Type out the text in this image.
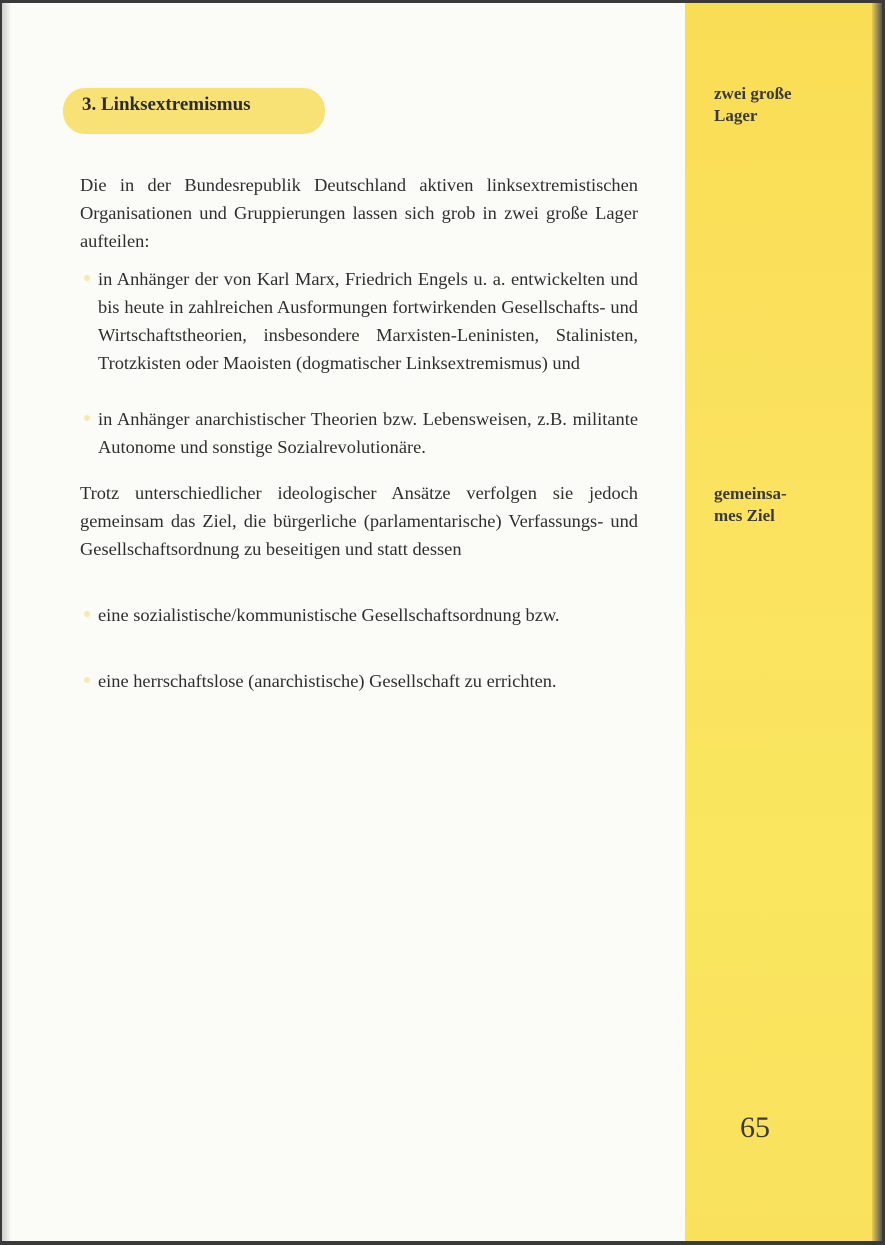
3. Linksextremismus

zwei große
Lager

gemeinsa-
mes Ziel

Die in der Bundesrepublik Deutschland aktiven linksextremistischen Organisationen und Gruppierungen lassen sich grob in zwei große Lager aufteilen:

in Anhänger der von Karl Marx, Friedrich Engels u. a. entwickelten und bis heute in zahlreichen Ausformungen fortwirkenden Gesellschafts- und Wirtschaftstheorien, insbesondere Marxisten-Leninisten, Stalinisten, Trotzkisten oder Maoisten (dogmatischer Linksextremismus) und
in Anhänger anarchistischer Theorien bzw. Lebensweisen, z.B. militante Autonome und sonstige Sozialrevolutionäre.

Trotz unterschiedlicher ideologischer Ansätze verfolgen sie jedoch gemeinsam das Ziel, die bürgerliche (parlamentarische) Verfassungs- und Gesellschaftsordnung zu beseitigen und statt dessen

eine sozialistische/kommunistische Gesellschaftsordnung bzw.
eine herrschaftslose (anarchistische) Gesellschaft zu errichten.

65
